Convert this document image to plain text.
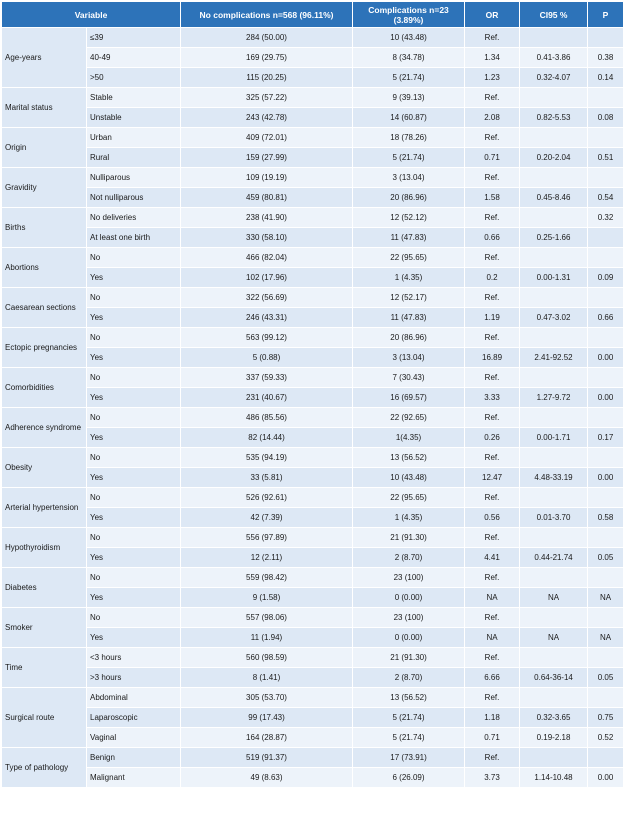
Variable		No complications n=568 (96.11%)	Complications n=23 (3.89%)	OR	CI95 %	P
Age-years	≤39	284 (50.00)	10 (43.48)	Ref.		
	40-49	169 (29.75)	8 (34.78)	1.34	0.41-3.86	0.38
	>50	115 (20.25)	5 (21.74)	1.23	0.32-4.07	0.14
Marital status	Stable	325 (57.22)	9 (39.13)	Ref.		
	Unstable	243 (42.78)	14 (60.87)	2.08	0.82-5.53	0.08
Origin	Urban	409 (72.01)	18 (78.26)	Ref.		
	Rural	159 (27.99)	5 (21.74)	0.71	0.20-2.04	0.51
Gravidity	Nulliparous	109 (19.19)	3 (13.04)	Ref.		
	Not nulliparous	459 (80.81)	20 (86.96)	1.58	0.45-8.46	0.54
Births	No deliveries	238 (41.90)	12 (52.12)	Ref.		0.32
	At least one birth	330 (58.10)	11 (47.83)	0.66	0.25-1.66	
Abortions	No	466 (82.04)	22 (95.65)	Ref.		
	Yes	102 (17.96)	1 (4.35)	0.2	0.00-1.31	0.09
Caesarean sections	No	322 (56.69)	12 (52.17)	Ref.		
	Yes	246 (43.31)	11 (47.83)	1.19	0.47-3.02	0.66
Ectopic pregnancies	No	563 (99.12)	20 (86.96)	Ref.		
	Yes	5 (0.88)	3 (13.04)	16.89	2.41-92.52	0.00
Comorbidities	No	337 (59.33)	7 (30.43)	Ref.		
	Yes	231 (40.67)	16 (69.57)	3.33	1.27-9.72	0.00
Adherence syndrome	No	486 (85.56)	22 (92.65)	Ref.		
	Yes	82 (14.44)	1(4.35)	0.26	0.00-1.71	0.17
Obesity	No	535 (94.19)	13 (56.52)	Ref.		
	Yes	33 (5.81)	10 (43.48)	12.47	4.48-33.19	0.00
Arterial hypertension	No	526 (92.61)	22 (95.65)	Ref.		
	Yes	42 (7.39)	1 (4.35)	0.56	0.01-3.70	0.58
Hypothyroidism	No	556 (97.89)	21 (91.30)	Ref.		
	Yes	12 (2.11)	2 (8.70)	4.41	0.44-21.74	0.05
Diabetes	No	559 (98.42)	23 (100)	Ref.		
	Yes	9 (1.58)	0 (0.00)	NA	NA	NA
Smoker	No	557 (98.06)	23 (100)	Ref.		
	Yes	11 (1.94)	0 (0.00)	NA	NA	NA
Time	<3 hours	560 (98.59)	21 (91.30)	Ref.		
	>3 hours	8 (1.41)	2 (8.70)	6.66	0.64-36-14	0.05
Surgical route	Abdominal	305 (53.70)	13 (56.52)	Ref.		
	Laparoscopic	99 (17.43)	5 (21.74)	1.18	0.32-3.65	0.75
	Vaginal	164 (28.87)	5 (21.74)	0.71	0.19-2.18	0.52
Type of pathology	Benign	519 (91.37)	17 (73.91)	Ref.		
	Malignant	49 (8.63)	6 (26.09)	3.73	1.14-10.48	0.00
